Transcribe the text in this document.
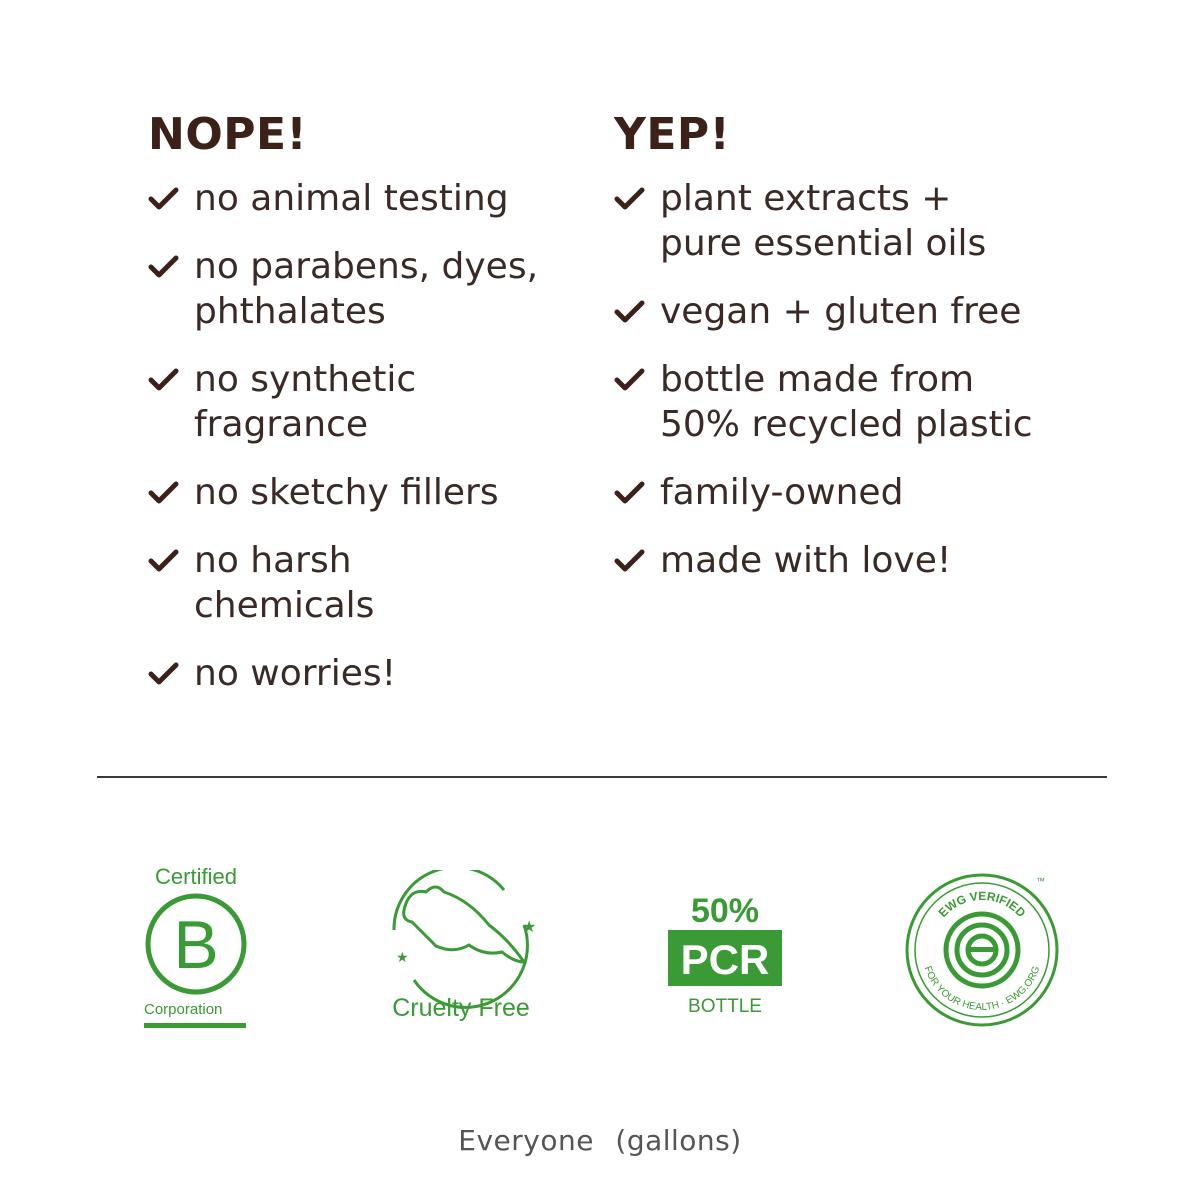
NOPE!
no animal testing
no parabens, dyes,
phthalates
no synthetic
fragrance
no sketchy fillers
no harsh
chemicals
no worries!
YEP!
plant extracts +
pure essential oils
vegan + gluten free
bottle made from
50% recycled plastic
family-owned
made with love!
Certified
B
Corporation
★
★
Cruelty Free
50%
PCR
BOTTLE
EWG VERIFIED
FOR YOUR HEALTH · EWG.ORG
™
Everyone (gallons)
